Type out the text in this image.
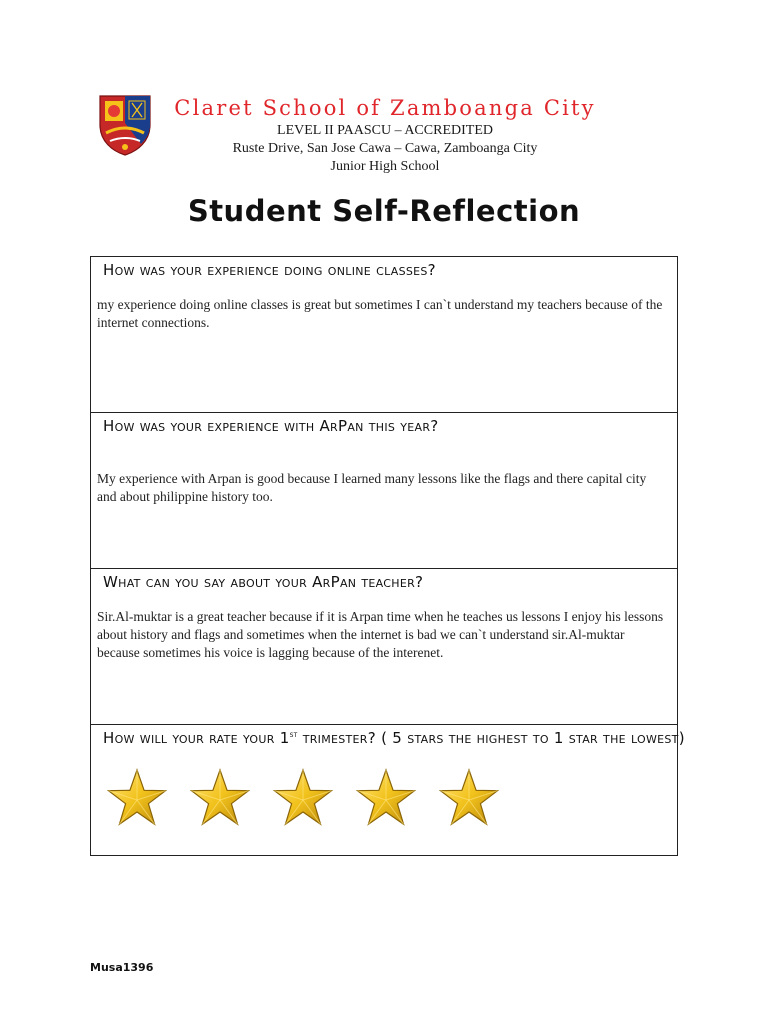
Claret School of Zamboanga City

LEVEL II PAASCU – ACCREDITED

Ruste Drive, San Jose Cawa – Cawa, Zamboanga City

Junior High School

Student Self-Reflection

How was your experience doing online classes?

my experience doing online classes is great but sometimes I can`t understand my teachers because of the internet connections.

How was your experience with ArPan this year?

My experience with Arpan is good because I learned many lessons like the flags and there capital city and about philippine history too.

What can you say about your ArPan teacher?

Sir.Al-muktar is a great teacher because if it is Arpan time when he teaches us lessons I enjoy his lessons about history and flags and sometimes when the internet is bad we can`t understand sir.Al-muktar because sometimes his voice is lagging because of the interenet.

How will your rate your 1st trimester? ( 5 stars the highest to 1 star the lowest)

Musa1396
